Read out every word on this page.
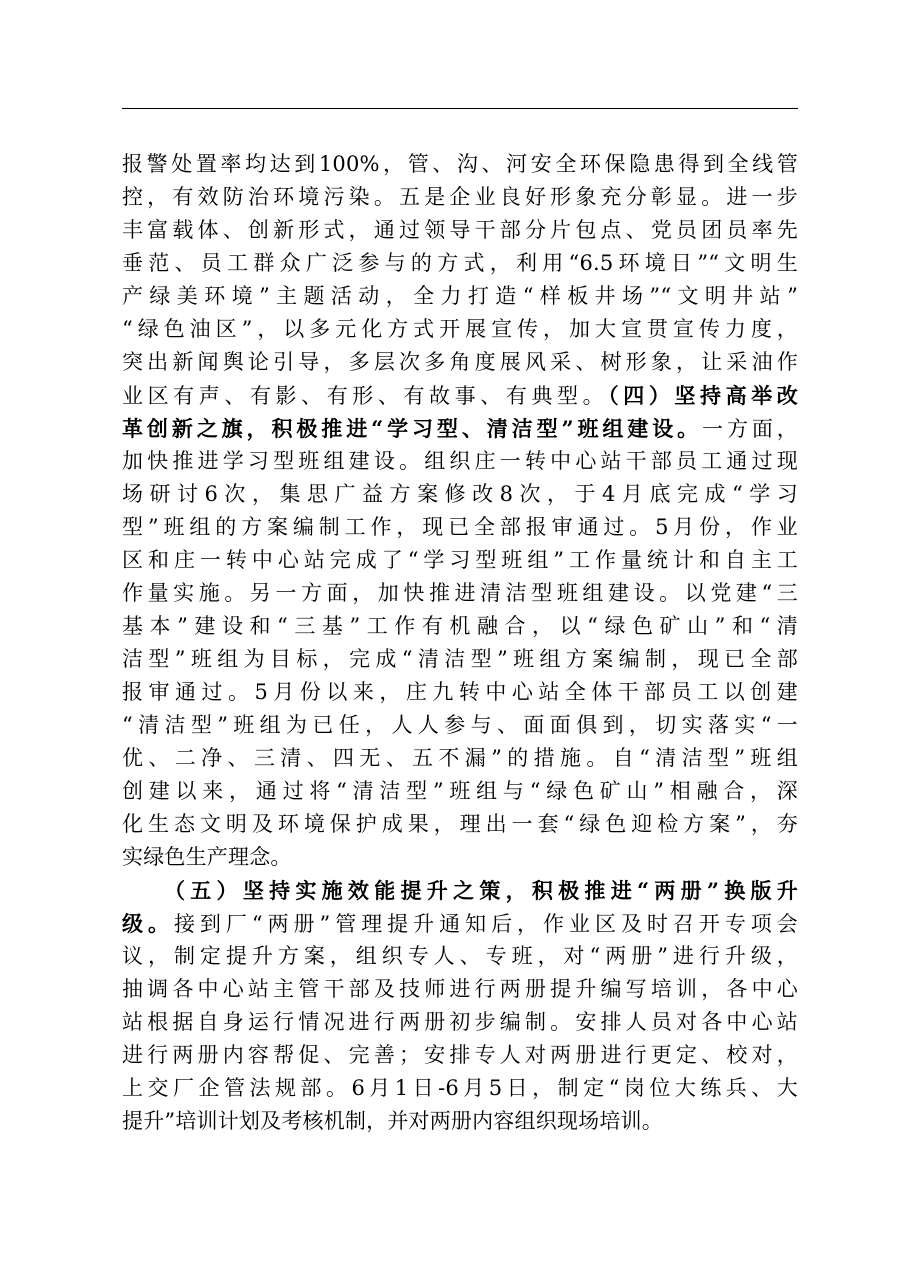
报警处置率均达到100%，管、沟、河安全环保隐患得到全线管
控，有效防治环境污染。五是企业良好形象充分彰显。进一步
丰富载体、创新形式，通过领导干部分片包点、党员团员率先
垂范、员工群众广泛参与的方式，利用“6.5环境日”“文明生
产绿美环境”主题活动，全力打造“样板井场”“文明井站”
“绿色油区”，以多元化方式开展宣传，加大宣贯宣传力度，
突出新闻舆论引导，多层次多角度展风采、树形象，让采油作
业区有声、有影、有形、有故事、有典型。（四）坚持高举改
革创新之旗，积极推进“学习型、清洁型”班组建设。一方面，
加快推进学习型班组建设。组织庄一转中心站干部员工通过现
场研讨6次，集思广益方案修改8次，于4月底完成“学习
型”班组的方案编制工作，现已全部报审通过。5月份，作业
区和庄一转中心站完成了“学习型班组”工作量统计和自主工
作量实施。另一方面，加快推进清洁型班组建设。以党建“三
基本”建设和“三基”工作有机融合，以“绿色矿山”和“清
洁型”班组为目标，完成“清洁型”班组方案编制，现已全部
报审通过。5月份以来，庄九转中心站全体干部员工以创建
“清洁型”班组为已任，人人参与、面面俱到，切实落实“一
优、二净、三清、四无、五不漏”的措施。自“清洁型”班组
创建以来，通过将“清洁型”班组与“绿色矿山”相融合，深
化生态文明及环境保护成果，理出一套“绿色迎检方案”，夯
实绿色生产理念。
（五）坚持实施效能提升之策，积极推进“两册”换版升
级。接到厂“两册”管理提升通知后，作业区及时召开专项会
议，制定提升方案，组织专人、专班，对“两册”进行升级，
抽调各中心站主管干部及技师进行两册提升编写培训，各中心
站根据自身运行情况进行两册初步编制。安排人员对各中心站
进行两册内容帮促、完善；安排专人对两册进行更定、校对，
上交厂企管法规部。6月1日-6月5日，制定“岗位大练兵、大
提升”培训计划及考核机制，并对两册内容组织现场培训。
